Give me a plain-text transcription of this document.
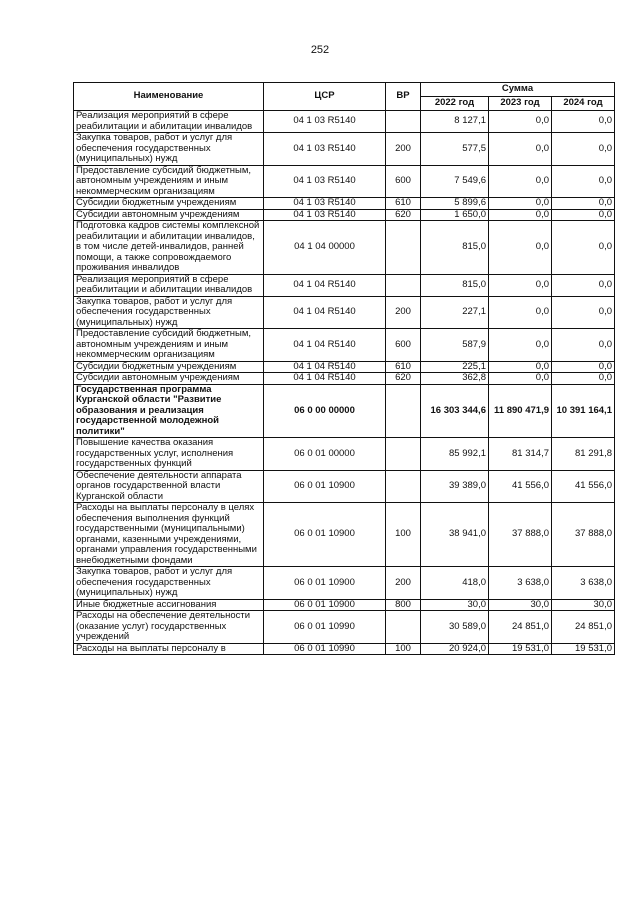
252
Наименование	ЦСР	ВР	Сумма		
			2022 год	2023 год	2024 год
Реализация мероприятий в сфере реабилитации и абилитации инвалидов	04 1 03 R5140		8 127,1	0,0	0,0
Закупка товаров, работ и услуг для обеспечения государственных (муниципальных) нужд	04 1 03 R5140	200	577,5	0,0	0,0
Предоставление субсидий бюджетным, автономным учреждениям и иным некоммерческим организациям	04 1 03 R5140	600	7 549,6	0,0	0,0
Субсидии бюджетным учреждениям	04 1 03 R5140	610	5 899,6	0,0	0,0
Субсидии автономным учреждениям	04 1 03 R5140	620	1 650,0	0,0	0,0
Подготовка кадров системы комплексной реабилитации и абилитации инвалидов, в том числе детей-инвалидов, ранней помощи, а также сопровождаемого проживания инвалидов	04 1 04 00000		815,0	0,0	0,0
Реализация мероприятий в сфере реабилитации и абилитации инвалидов	04 1 04 R5140		815,0	0,0	0,0
Закупка товаров, работ и услуг для обеспечения государственных (муниципальных) нужд	04 1 04 R5140	200	227,1	0,0	0,0
Предоставление субсидий бюджетным, автономным учреждениям и иным некоммерческим организациям	04 1 04 R5140	600	587,9	0,0	0,0
Субсидии бюджетным учреждениям	04 1 04 R5140	610	225,1	0,0	0,0
Субсидии автономным учреждениям	04 1 04 R5140	620	362,8	0,0	0,0
Государственная программа Курганской области "Развитие образования и реализация государственной молодежной политики"	06 0 00 00000		16 303 344,6	11 890 471,9	10 391 164,1
Повышение качества оказания государственных услуг, исполнения государственных функций	06 0 01 00000		85 992,1	81 314,7	81 291,8
Обеспечение деятельности аппарата органов государственной власти Курганской области	06 0 01 10900		39 389,0	41 556,0	41 556,0
Расходы на выплаты персоналу в целях обеспечения выполнения функций государственными (муниципальными) органами, казенными учреждениями, органами управления государственными внебюджетными фондами	06 0 01 10900	100	38 941,0	37 888,0	37 888,0
Закупка товаров, работ и услуг для обеспечения государственных (муниципальных) нужд	06 0 01 10900	200	418,0	3 638,0	3 638,0
Иные бюджетные ассигнования	06 0 01 10900	800	30,0	30,0	30,0
Расходы на обеспечение деятельности (оказание услуг) государственных учреждений	06 0 01 10990		30 589,0	24 851,0	24 851,0
Расходы на выплаты персоналу в	06 0 01 10990	100	20 924,0	19 531,0	19 531,0
